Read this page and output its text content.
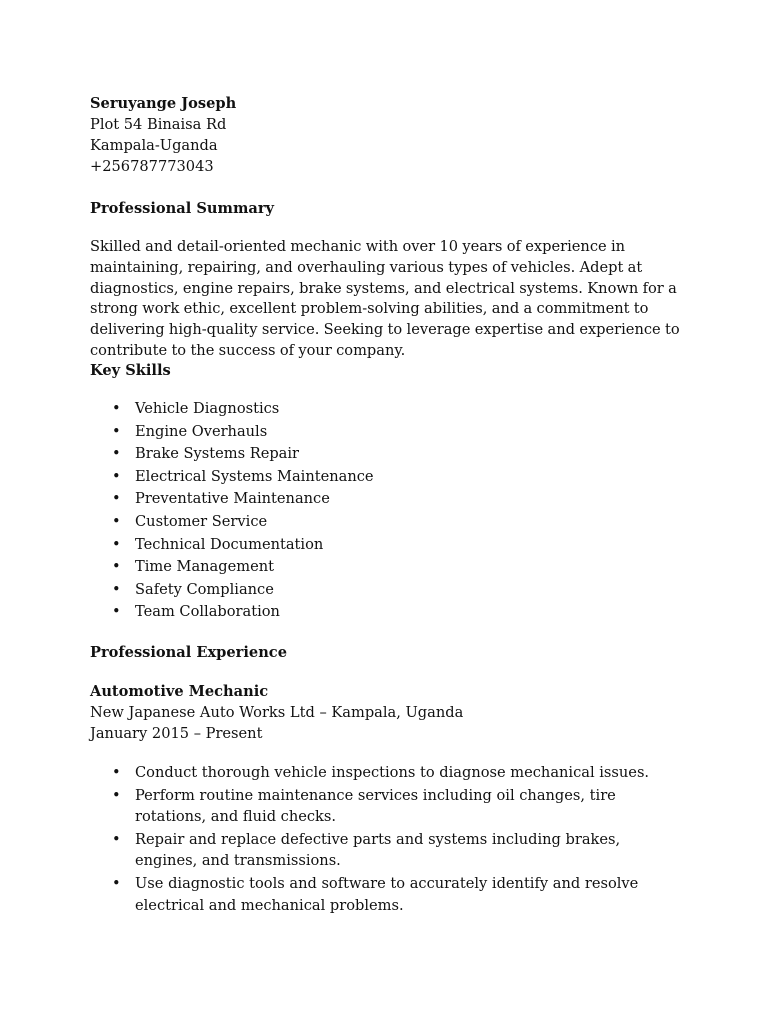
Seruyange Joseph
Plot 54 Binaisa Rd
Kampala-Uganda
+256787773043
Professional Summary
Skilled and detail-oriented mechanic with over 10 years of experience in maintaining, repairing, and overhauling various types of vehicles. Adept at diagnostics, engine repairs, brake systems, and electrical systems. Known for a strong work ethic, excellent problem-solving abilities, and a commitment to delivering high-quality service. Seeking to leverage expertise and experience to contribute to the success of your company.
Key Skills
• Vehicle Diagnostics
• Engine Overhauls
• Brake Systems Repair
• Electrical Systems Maintenance
• Preventative Maintenance
• Customer Service
• Technical Documentation
• Time Management
• Safety Compliance
• Team Collaboration
Professional Experience
Automotive Mechanic
New Japanese Auto Works Ltd – Kampala, Uganda
January 2015 – Present
• Conduct thorough vehicle inspections to diagnose mechanical issues.
• Perform routine maintenance services including oil changes, tire rotations, and fluid checks.
• Repair and replace defective parts and systems including brakes, engines, and transmissions.
• Use diagnostic tools and software to accurately identify and resolve electrical and mechanical problems.
